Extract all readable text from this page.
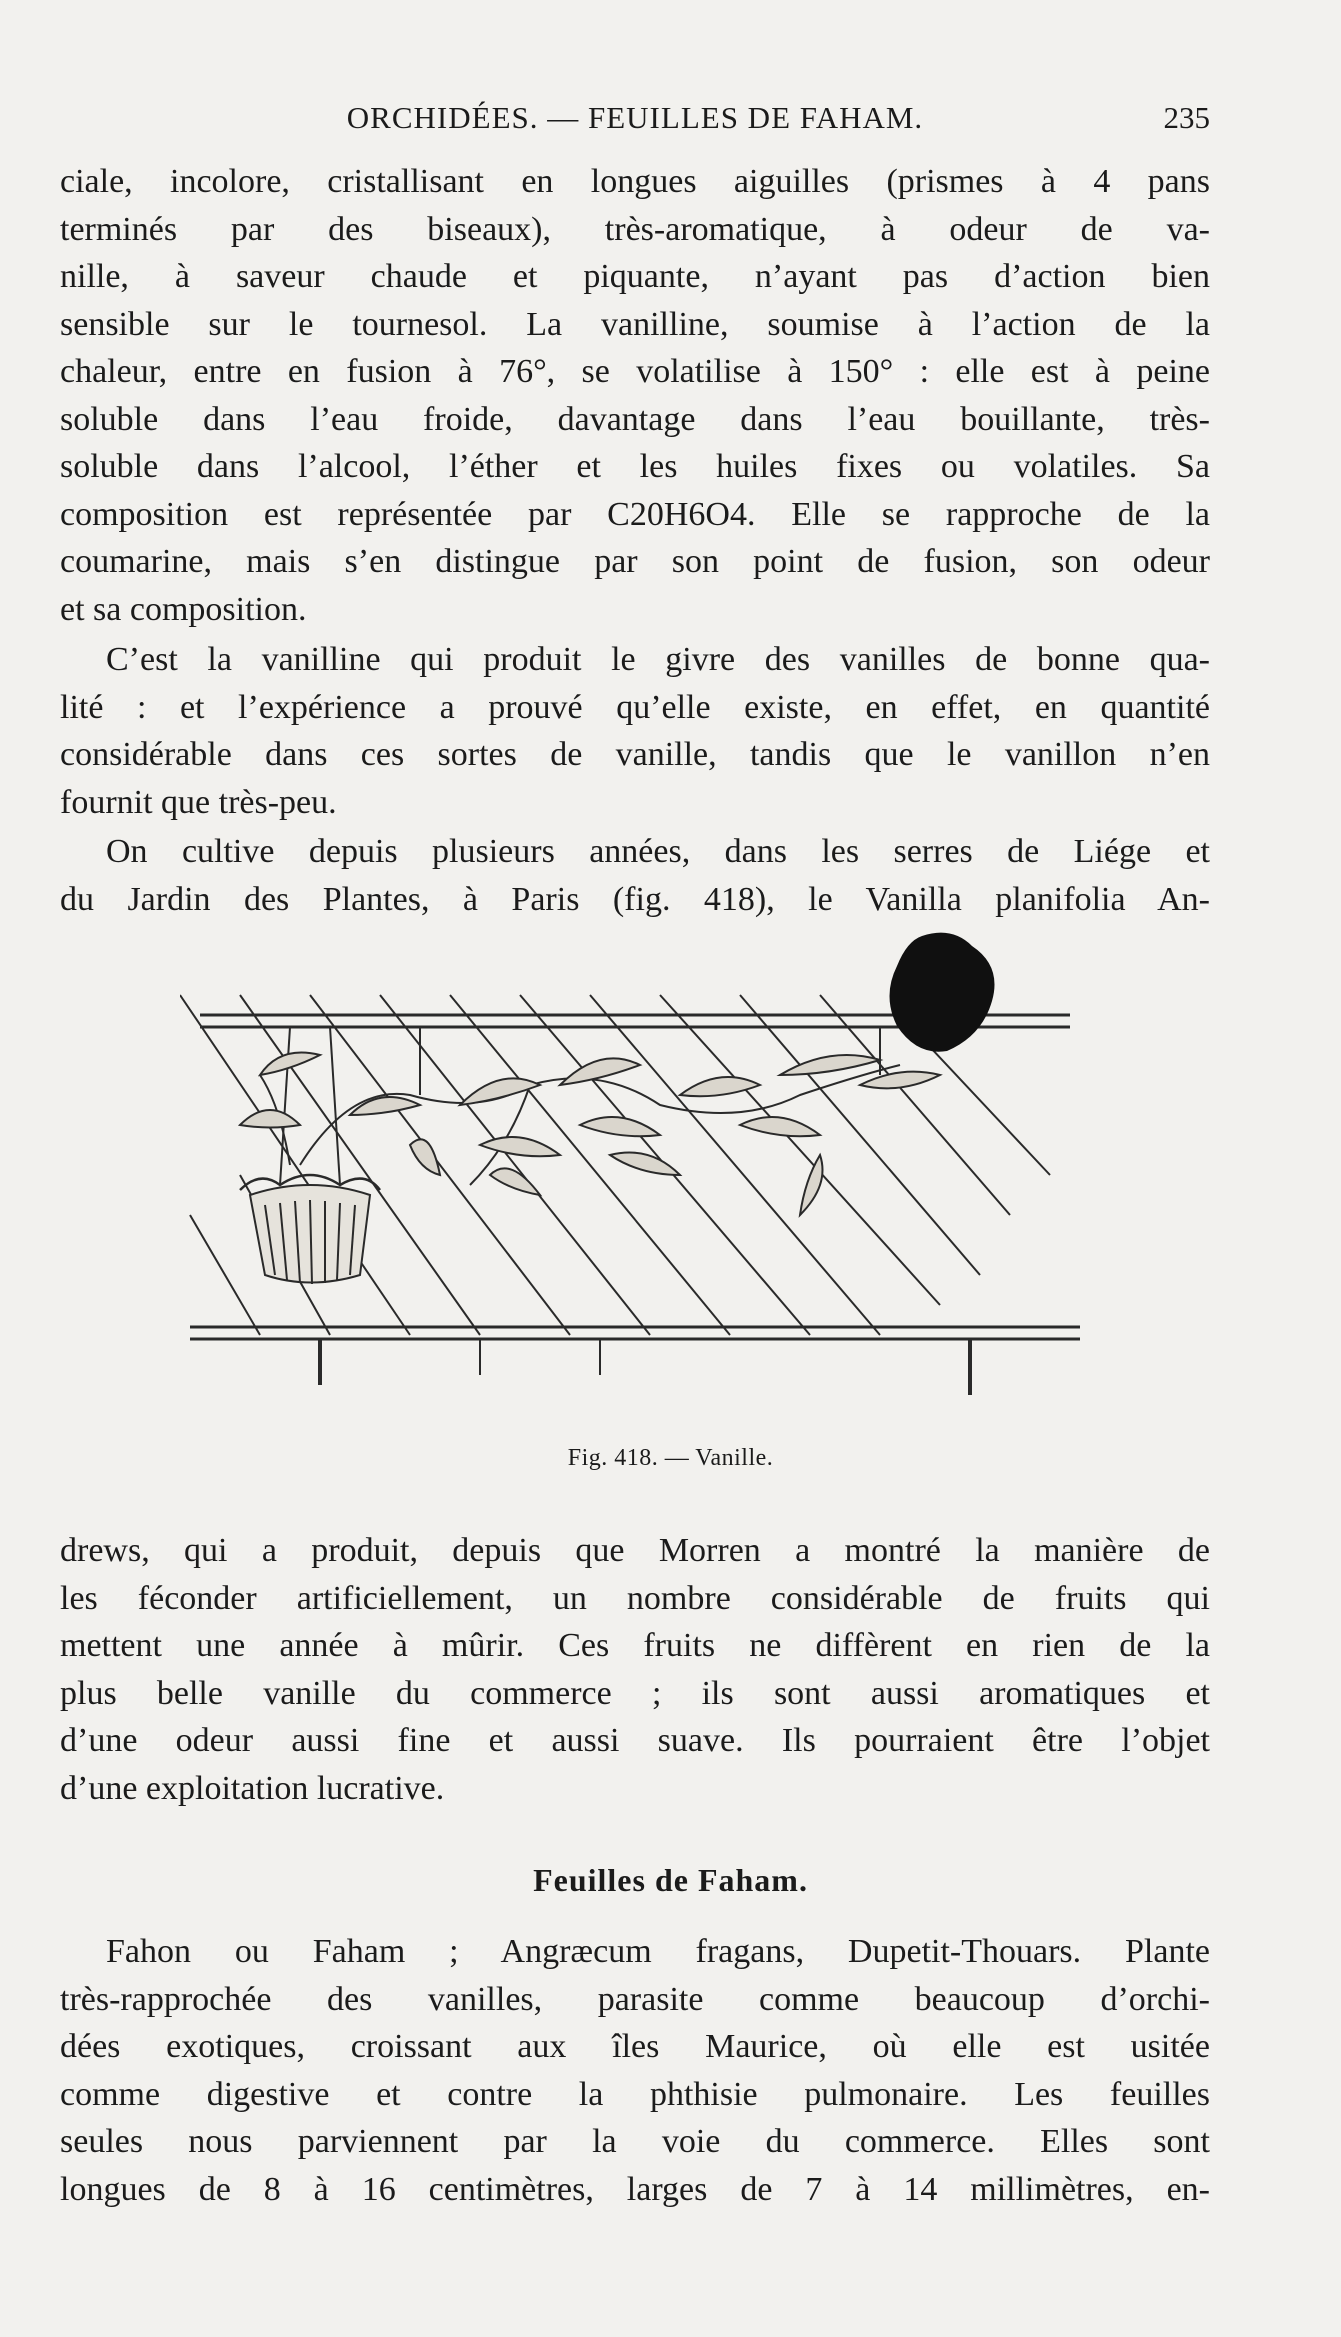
ORCHIDÉES. — FEUILLES DE FAHAM.	235
ciale, incolore, cristallisant en longues aiguilles (prismes à 4 pans
terminés par des biseaux), très-aromatique, à odeur de va-
nille, à saveur chaude et piquante, n’ayant pas d’action bien
sensible sur le tournesol. La vanilline, soumise à l’action de la
chaleur, entre en fusion à 76°, se volatilise à 150° : elle est à peine
soluble dans l’eau froide, davantage dans l’eau bouillante, très-
soluble dans l’alcool, l’éther et les huiles fixes ou volatiles. Sa
composition est représentée par C20H6O4. Elle se rapproche de la
coumarine, mais s’en distingue par son point de fusion, son odeur
et sa composition.
C’est la vanilline qui produit le givre des vanilles de bonne qua-
lité : et l’expérience a prouvé qu’elle existe, en effet, en quantité
considérable dans ces sortes de vanille, tandis que le vanillon n’en
fournit que très-peu.
On cultive depuis plusieurs années, dans les serres de Liége et
du Jardin des Plantes, à Paris (fig. 418), le Vanilla planifolia An-
Fig. 418. — Vanille.
drews, qui a produit, depuis que Morren a montré la manière de
les féconder artificiellement, un nombre considérable de fruits qui
mettent une année à mûrir. Ces fruits ne diffèrent en rien de la
plus belle vanille du commerce ; ils sont aussi aromatiques et
d’une odeur aussi fine et aussi suave. Ils pourraient être l’objet
d’une exploitation lucrative.
Feuilles de Faham.
Fahon ou Faham ; Angræcum fragans, Dupetit-Thouars. Plante
très-rapprochée des vanilles, parasite comme beaucoup d’orchi-
dées exotiques, croissant aux îles Maurice, où elle est usitée
comme digestive et contre la phthisie pulmonaire. Les feuilles
seules nous parviennent par la voie du commerce. Elles sont
longues de 8 à 16 centimètres, larges de 7 à 14 millimètres, en-
